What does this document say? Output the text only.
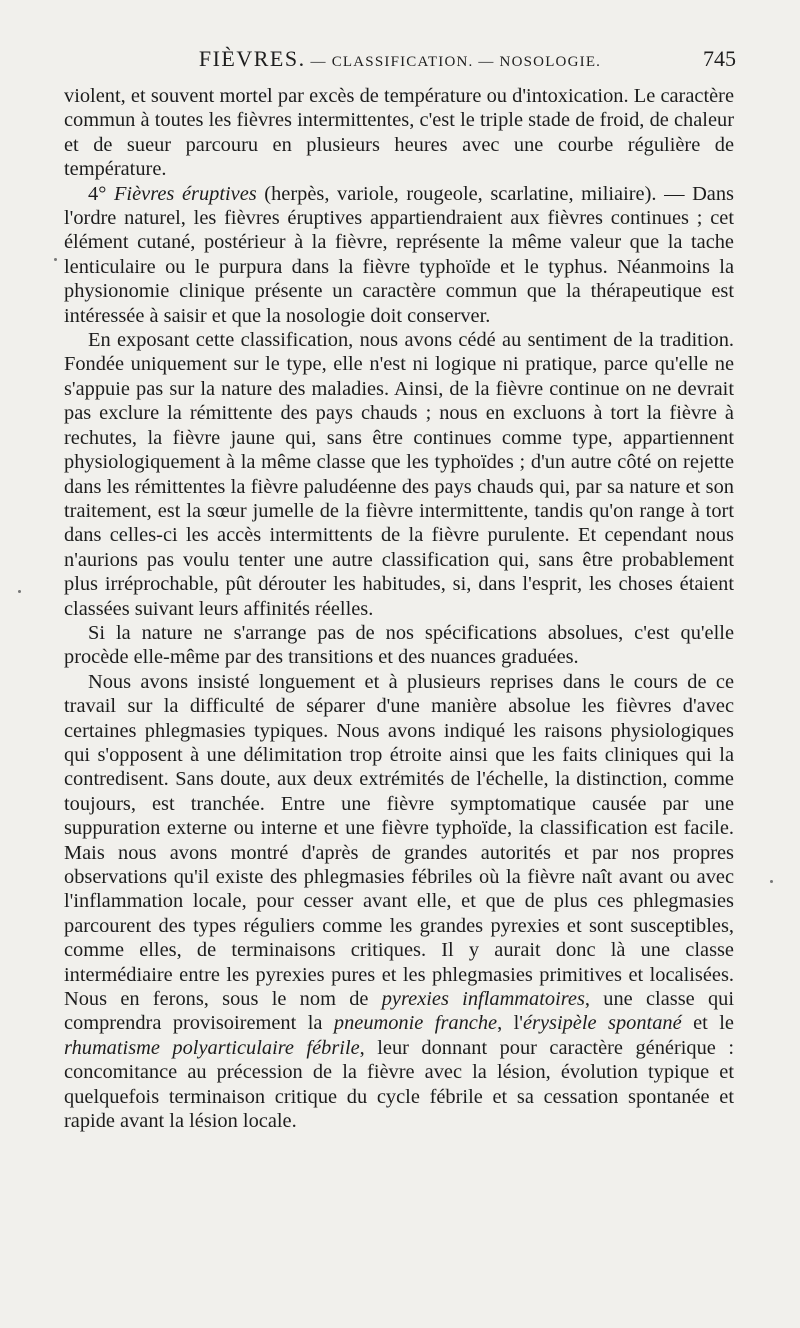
FIÈVRES. — CLASSIFICATION. — NOSOLOGIE.	745

violent, et souvent mortel par excès de température ou d'intoxication. Le caractère commun à toutes les fièvres intermittentes, c'est le triple stade de froid, de chaleur et de sueur parcouru en plusieurs heures avec une courbe régulière de température.

4° Fièvres éruptives (herpès, variole, rougeole, scarlatine, miliaire). — Dans l'ordre naturel, les fièvres éruptives appartiendraient aux fièvres continues ; cet élément cutané, postérieur à la fièvre, représente la même valeur que la tache lenticulaire ou le purpura dans la fièvre typhoïde et le typhus. Néanmoins la physionomie clinique présente un caractère commun que la thérapeutique est intéressée à saisir et que la nosologie doit conserver.

En exposant cette classification, nous avons cédé au sentiment de la tradition. Fondée uniquement sur le type, elle n'est ni logique ni pratique, parce qu'elle ne s'appuie pas sur la nature des maladies. Ainsi, de la fièvre continue on ne devrait pas exclure la rémittente des pays chauds ; nous en excluons à tort la fièvre à rechutes, la fièvre jaune qui, sans être continues comme type, appartiennent physiologiquement à la même classe que les typhoïdes ; d'un autre côté on rejette dans les rémittentes la fièvre paludéenne des pays chauds qui, par sa nature et son traitement, est la sœur jumelle de la fièvre intermittente, tandis qu'on range à tort dans celles-ci les accès intermittents de la fièvre purulente. Et cependant nous n'aurions pas voulu tenter une autre classification qui, sans être probablement plus irréprochable, pût dérouter les habitudes, si, dans l'esprit, les choses étaient classées suivant leurs affinités réelles.

Si la nature ne s'arrange pas de nos spécifications absolues, c'est qu'elle procède elle-même par des transitions et des nuances graduées.

Nous avons insisté longuement et à plusieurs reprises dans le cours de ce travail sur la difficulté de séparer d'une manière absolue les fièvres d'avec certaines phlegmasies typiques. Nous avons indiqué les raisons physiologiques qui s'opposent à une délimitation trop étroite ainsi que les faits cliniques qui la contredisent. Sans doute, aux deux extrémités de l'échelle, la distinction, comme toujours, est tranchée. Entre une fièvre symptomatique causée par une suppuration externe ou interne et une fièvre typhoïde, la classification est facile. Mais nous avons montré d'après de grandes autorités et par nos propres observations qu'il existe des phlegmasies fébriles où la fièvre naît avant ou avec l'inflammation locale, pour cesser avant elle, et que de plus ces phlegmasies parcourent des types réguliers comme les grandes pyrexies et sont susceptibles, comme elles, de terminaisons critiques. Il y aurait donc là une classe intermédiaire entre les pyrexies pures et les phlegmasies primitives et localisées. Nous en ferons, sous le nom de pyrexies inflammatoires, une classe qui comprendra provisoirement la pneumonie franche, l'érysipèle spontané et le rhumatisme polyarticulaire fébrile, leur donnant pour caractère générique : concomitance au précession de la fièvre avec la lésion, évolution typique et quelquefois terminaison critique du cycle fébrile et sa cessation spontanée et rapide avant la lésion locale.
